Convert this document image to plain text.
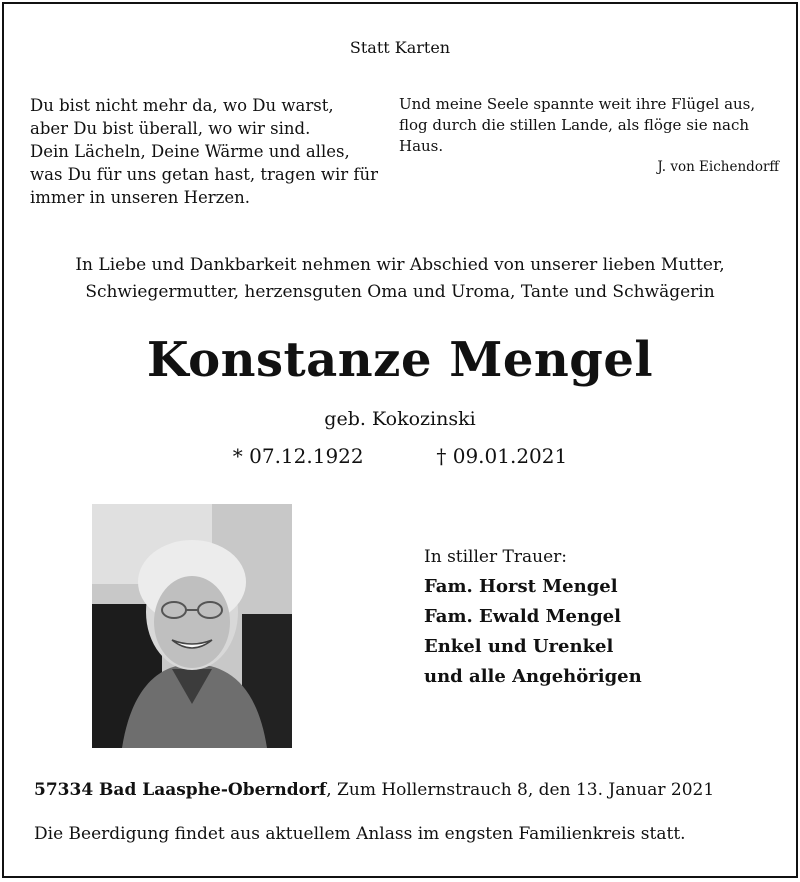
Statt Karten
Du bist nicht mehr da, wo Du warst,
aber Du bist überall, wo wir sind.
Dein Lächeln, Deine Wärme und alles,
was Du für uns getan hast, tragen wir für
immer in unseren Herzen.
Und meine Seele spannte weit ihre Flügel aus,
flog durch die stillen Lande, als flöge sie nach Haus.
J. von Eichendorff
In Liebe und Dankbarkeit nehmen wir Abschied von unserer lieben Mutter,
Schwiegermutter, herzensguten Oma und Uroma, Tante und Schwägerin
Konstanze Mengel
geb. Kokozinski
* 07.12.1922	† 09.01.2021
In stiller Trauer:
Fam. Horst Mengel
Fam. Ewald Mengel
Enkel und Urenkel
und alle Angehörigen
57334 Bad Laasphe-Oberndorf, Zum Hollernstrauch 8, den 13. Januar 2021
Die Beerdigung findet aus aktuellem Anlass im engsten Familienkreis statt.
